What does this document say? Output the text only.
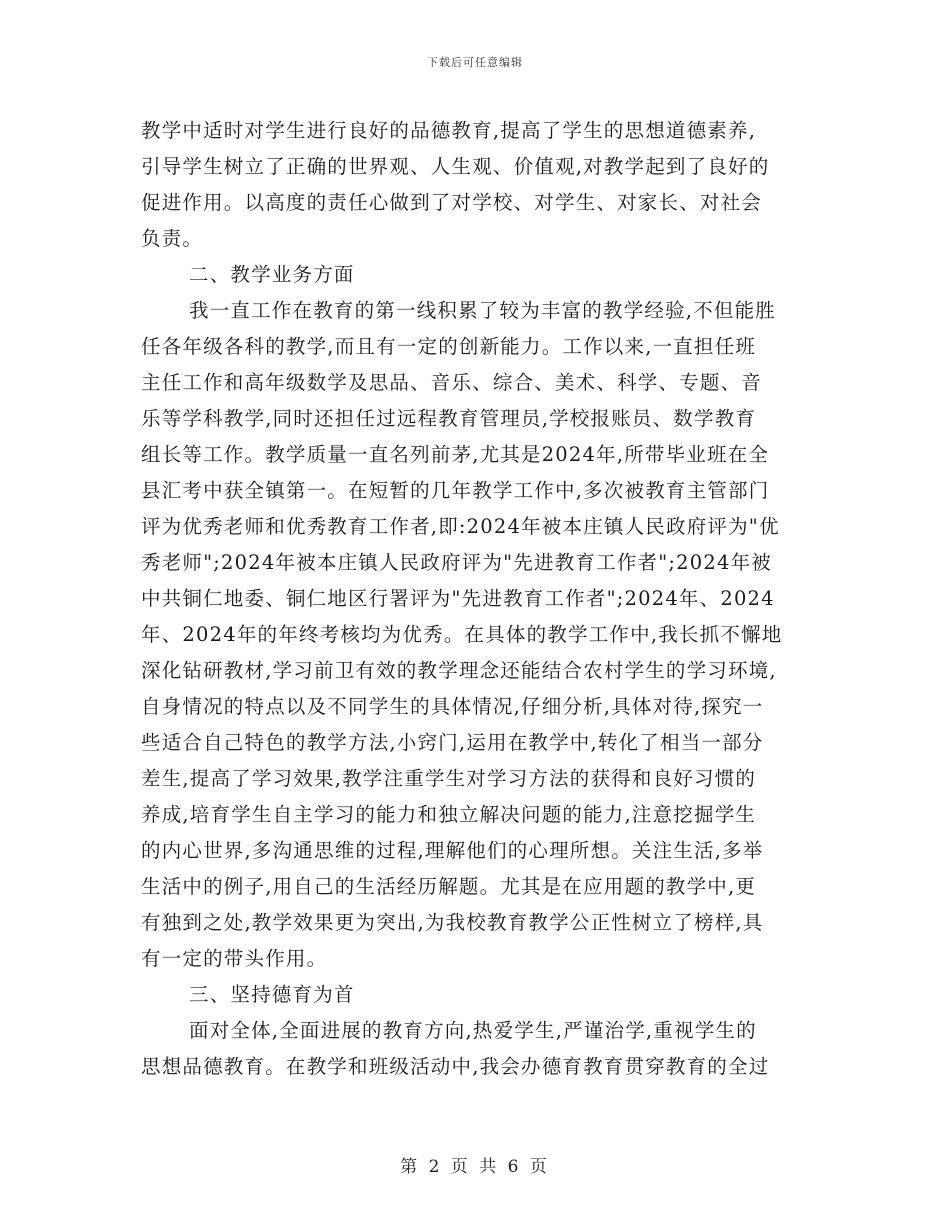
下载后可任意编辑
教学中适时对学生进行良好的品德教育,提高了学生的思想道德素养,
引导学生树立了正确的世界观、人生观、价值观,对教学起到了良好的
促进作用。以高度的责任心做到了对学校、对学生、对家长、对社会
负责。
二、教学业务方面
我一直工作在教育的第一线积累了较为丰富的教学经验,不但能胜
任各年级各科的教学,而且有一定的创新能力。工作以来,一直担任班
主任工作和高年级数学及思品、音乐、综合、美术、科学、专题、音
乐等学科教学,同时还担任过远程教育管理员,学校报账员、数学教育
组长等工作。教学质量一直名列前茅,尤其是2024年,所带毕业班在全
县汇考中获全镇第一。在短暂的几年教学工作中,多次被教育主管部门
评为优秀老师和优秀教育工作者,即:2024年被本庄镇人民政府评为"优
秀老师";2024年被本庄镇人民政府评为"先进教育工作者";2024年被
中共铜仁地委、铜仁地区行署评为"先进教育工作者";2024年、2024
年、2024年的年终考核均为优秀。在具体的教学工作中,我长抓不懈地
深化钻研教材,学习前卫有效的教学理念还能结合农村学生的学习环境,
自身情况的特点以及不同学生的具体情况,仔细分析,具体对待,探究一
些适合自己特色的教学方法,小窍门,运用在教学中,转化了相当一部分
差生,提高了学习效果,教学注重学生对学习方法的获得和良好习惯的
养成,培育学生自主学习的能力和独立解决问题的能力,注意挖掘学生
的内心世界,多沟通思维的过程,理解他们的心理所想。关注生活,多举
生活中的例子,用自己的生活经历解题。尤其是在应用题的教学中,更
有独到之处,教学效果更为突出,为我校教育教学公正性树立了榜样,具
有一定的带头作用。
三、坚持德育为首
面对全体,全面进展的教育方向,热爱学生,严谨治学,重视学生的
思想品德教育。在教学和班级活动中,我会办德育教育贯穿教育的全过
第 2 页 共 6 页
